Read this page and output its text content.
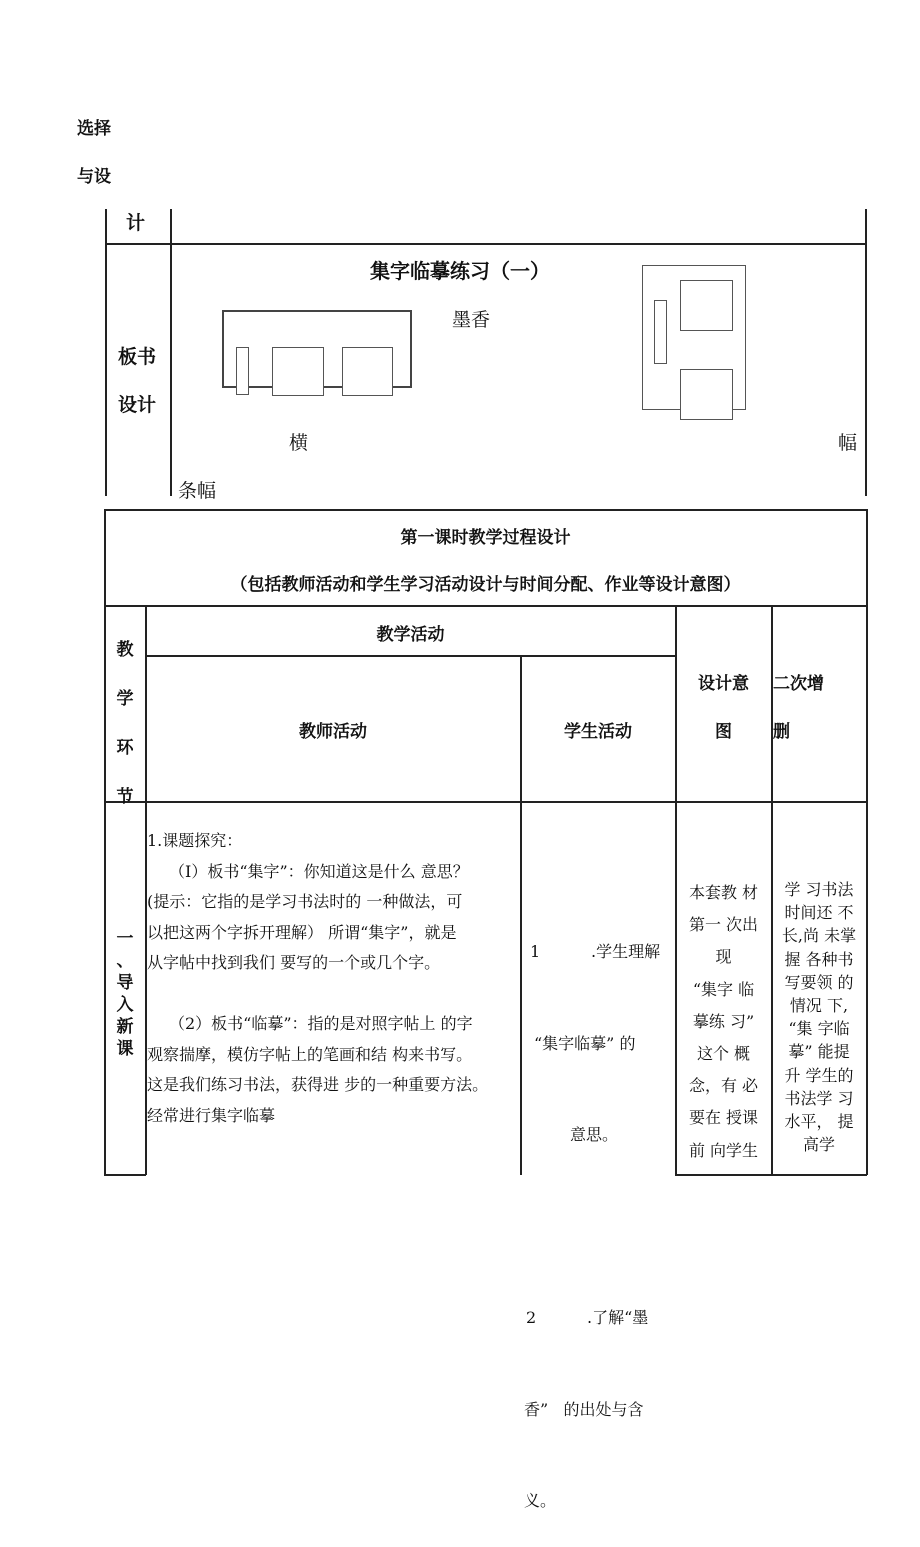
选择
与设
计
板书
设计
集字临摹练习（一）
墨香
横	幅
条幅
第一课时教学过程设计
（包括教师活动和学生学习活动设计与时间分配、作业等设计意图）
教
学
环
节
教学活动
教师活动	学生活动
设计意
图
二次增
删
一
、
导
入
新
课
1.课题探究：
（I）板书“集字”：你知道这是什么 意思？
(提示：它指的是学习书法时的 一种做法，可
以把这两个字拆开理解） 所谓“集字”，就是
从字帖中找到我们 要写的一个或几个字。
（2）板书“临摹”：指的是对照字帖上 的字
观察揣摩，模仿字帖上的笔画和结 构来书写。
这是我们练习书法，获得进 步的一种重要方法。
经常进行集字临摹

1          .学生理解

“集字临摹” 的

意思。

2          .了解“墨

香”   的出处与含

义。

本套教 材
第一 次出
现
“集字 临
摹练 习”
这个 概
念，有 必
要在 授课
前 向学生
学 习书法
时间还 不
长,尚 未掌
握 各种书
写要领 的
情况 下,
“集 字临
摹” 能提
升 学生的
书法学 习
水平， 提
高学
